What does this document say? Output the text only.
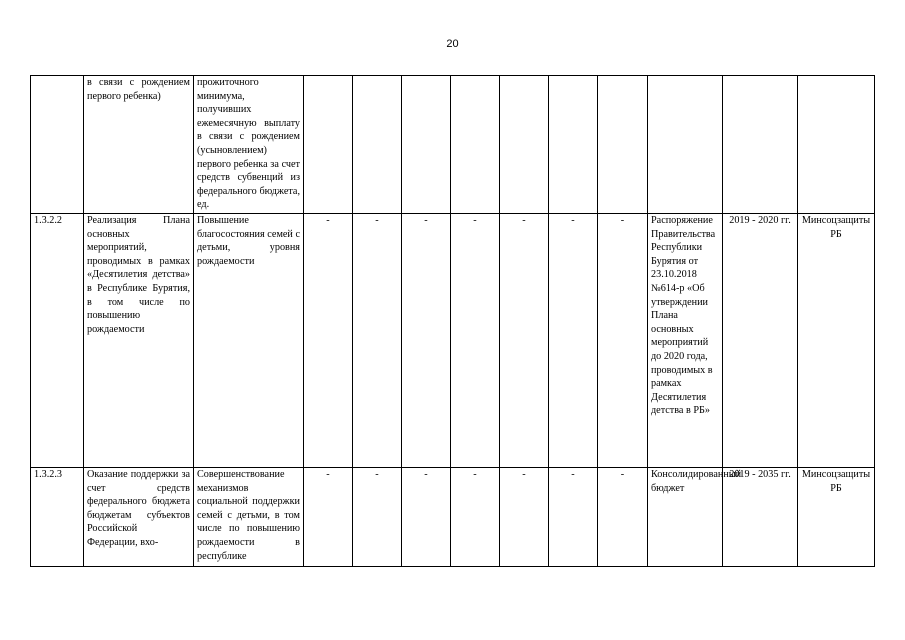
20
	в связи с рождением первого ребенка)	прожиточного минимума, получивших ежемесячную выплату в связи с рождением (усыновлением) первого ребенка за счет средств субвенций из федерального бюджета, ед.										
1.3.2.2	Реализация Плана основных мероприятий, проводимых в рамках «Десятилетия детства» в Республике Бурятия, в том числе по повышению рождаемости	Повышение благосостояния семей с детьми, уровня рождаемости	-	-	-	-	-	-	-	Распоряжение Правительства Республики Бурятия от 23.10.2018 №614-р «Об утверждении Плана основных мероприятий до 2020 года, проводимых в рамках Десятилетия детства в РБ»	2019 - 2020 гг.	Минсоцзащиты РБ
1.3.2.3	Оказание поддержки за счет средств федерального бюджета бюджетам субъектов Российской Федерации, вхо-	Совершенствование механизмов социальной поддержки семей с детьми, в том числе по повышению рождаемости в республике	-	-	-	-	-	-	-	Консолидированный бюджет	2019 - 2035 гг.	Минсоцзащиты РБ
